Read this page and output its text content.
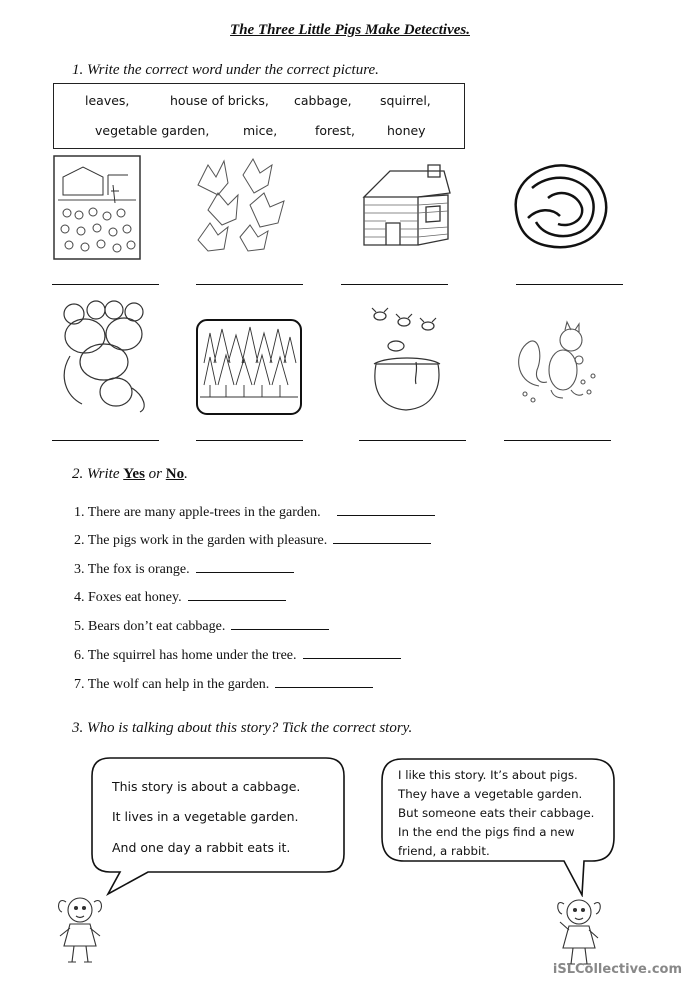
The Three Little Pigs Make Detectives.
1. Write the correct word under the correct picture.
leaves,	house of bricks, cabbage, squirrel,
vegetable garden,	mice,	forest,	honey
2. Write Yes or No.
1. There are many apple-trees in the garden.
2. The pigs work in the garden with pleasure.
3. The fox is orange.
4. Foxes eat honey.
5. Bears don’t eat cabbage.
6. The squirrel has home under the tree.
7. The wolf can help in the garden.
3. Who is talking about this story? Tick the correct story.
This story is about a cabbage.
It lives in a vegetable garden.
And one day a rabbit eats it.
I like this story. It’s about pigs.
They have a vegetable garden.
But someone eats their cabbage.
In the end the pigs find a new
friend, a rabbit.
iSLCollective.com
